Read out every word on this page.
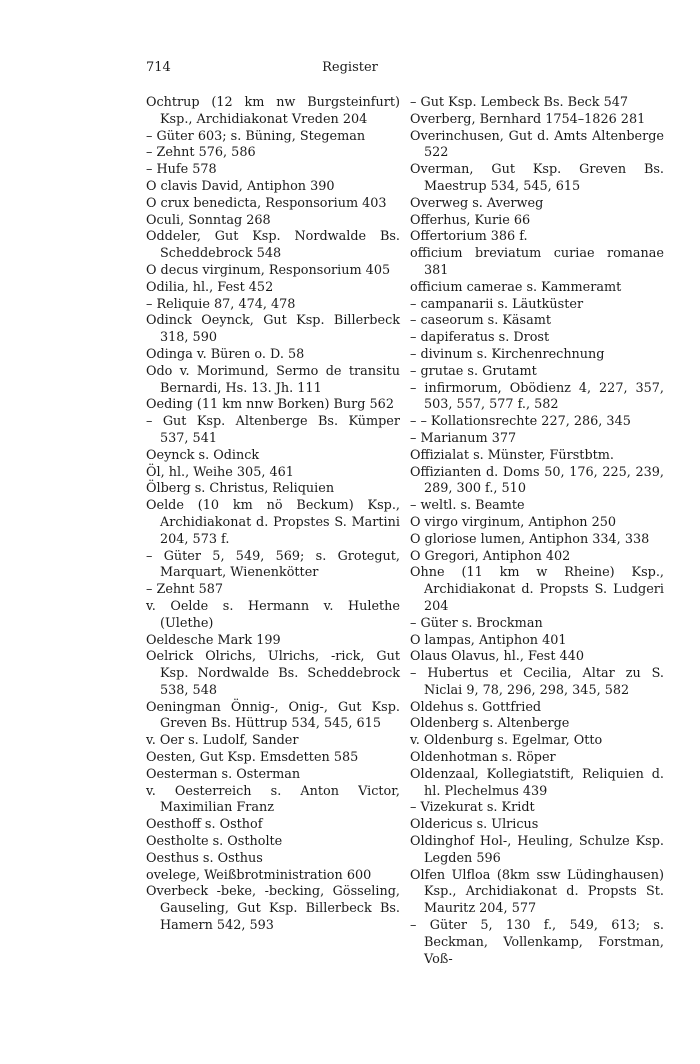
714	Register
Ochtrup (12 km nw Burgsteinfurt) Ksp., Archidiakonat Vreden 204
– Güter 603; s. Büning, Stegeman
– Zehnt 576, 586
– Hufe 578
O clavis David, Antiphon 390
O crux benedicta, Responsorium 403
Oculi, Sonntag 268
Oddeler, Gut Ksp. Nordwalde Bs. Scheddebrock 548
O decus virginum, Responsorium 405
Odilia, hl., Fest 452
– Reliquie 87, 474, 478
Odinck Oeynck, Gut Ksp. Billerbeck 318, 590
Odinga v. Büren o. D. 58
Odo v. Morimund, Sermo de transitu Bernardi, Hs. 13. Jh. 111
Oeding (11 km nnw Borken) Burg 562
– Gut Ksp. Altenberge Bs. Kümper 537, 541
Oeynck s. Odinck
Öl, hl., Weihe 305, 461
Ölberg s. Christus, Reliquien
Oelde (10 km nö Beckum) Ksp., Archidiakonat d. Propstes S. Martini 204, 573 f.
– Güter 5, 549, 569; s. Grotegut, Marquart, Wienenkötter
– Zehnt 587
v. Oelde s. Hermann v. Hulethe (Ulethe)
Oeldesche Mark 199
Oelrick Olrichs, Ulrichs, -rick, Gut Ksp. Nordwalde Bs. Scheddebrock 538, 548
Oeningman Önnig-, Onig-, Gut Ksp. Greven Bs. Hüttrup 534, 545, 615
v. Oer s. Ludolf, Sander
Oesten, Gut Ksp. Emsdetten 585
Oesterman s. Osterman
v. Oesterreich s. Anton Victor, Maximilian Franz
Oesthoff s. Osthof
Oestholte s. Ostholte
Oesthus s. Osthus
ovelege, Weißbrotministration 600
Overbeck -beke, -becking, Gösseling, Gauseling, Gut Ksp. Billerbeck Bs. Hamern 542, 593
– Gut Ksp. Lembeck Bs. Beck 547
Overberg, Bernhard 1754–1826 281
Overinchusen, Gut d. Amts Altenberge 522
Overman, Gut Ksp. Greven Bs. Maestrup 534, 545, 615
Overweg s. Averweg
Offerhus, Kurie 66
Offertorium 386 f.
officium breviatum curiae romanae 381
officium camerae s. Kammeramt
– campanarii s. Läutküster
– caseorum s. Käsamt
– dapiferatus s. Drost
– divinum s. Kirchenrechnung
– grutae s. Grutamt
– infirmorum, Obödienz 4, 227, 357, 503, 557, 577 f., 582
– – Kollationsrechte 227, 286, 345
– Marianum 377
Offizialat s. Münster, Fürstbtm.
Offizianten d. Doms 50, 176, 225, 239, 289, 300 f., 510
– weltl. s. Beamte
O virgo virginum, Antiphon 250
O gloriose lumen, Antiphon 334, 338
O Gregori, Antiphon 402
Ohne (11 km w Rheine) Ksp., Archidiakonat d. Propsts S. Ludgeri 204
– Güter s. Brockman
O lampas, Antiphon 401
Olaus Olavus, hl., Fest 440
– Hubertus et Cecilia, Altar zu S. Niclai 9, 78, 296, 298, 345, 582
Oldehus s. Gottfried
Oldenberg s. Altenberge
v. Oldenburg s. Egelmar, Otto
Oldenhotman s. Röper
Oldenzaal, Kollegiatstift, Reliquien d. hl. Plechelmus 439
– Vizekurat s. Kridt
Oldericus s. Ulricus
Oldinghof Hol-, Heuling, Schulze Ksp. Legden 596
Olfen Ulfloa (8km ssw Lüdinghausen) Ksp., Archidiakonat d. Propsts St. Mauritz 204, 577
– Güter 5, 130 f., 549, 613; s. Beckman, Vollenkamp, Forstman, Voß-
